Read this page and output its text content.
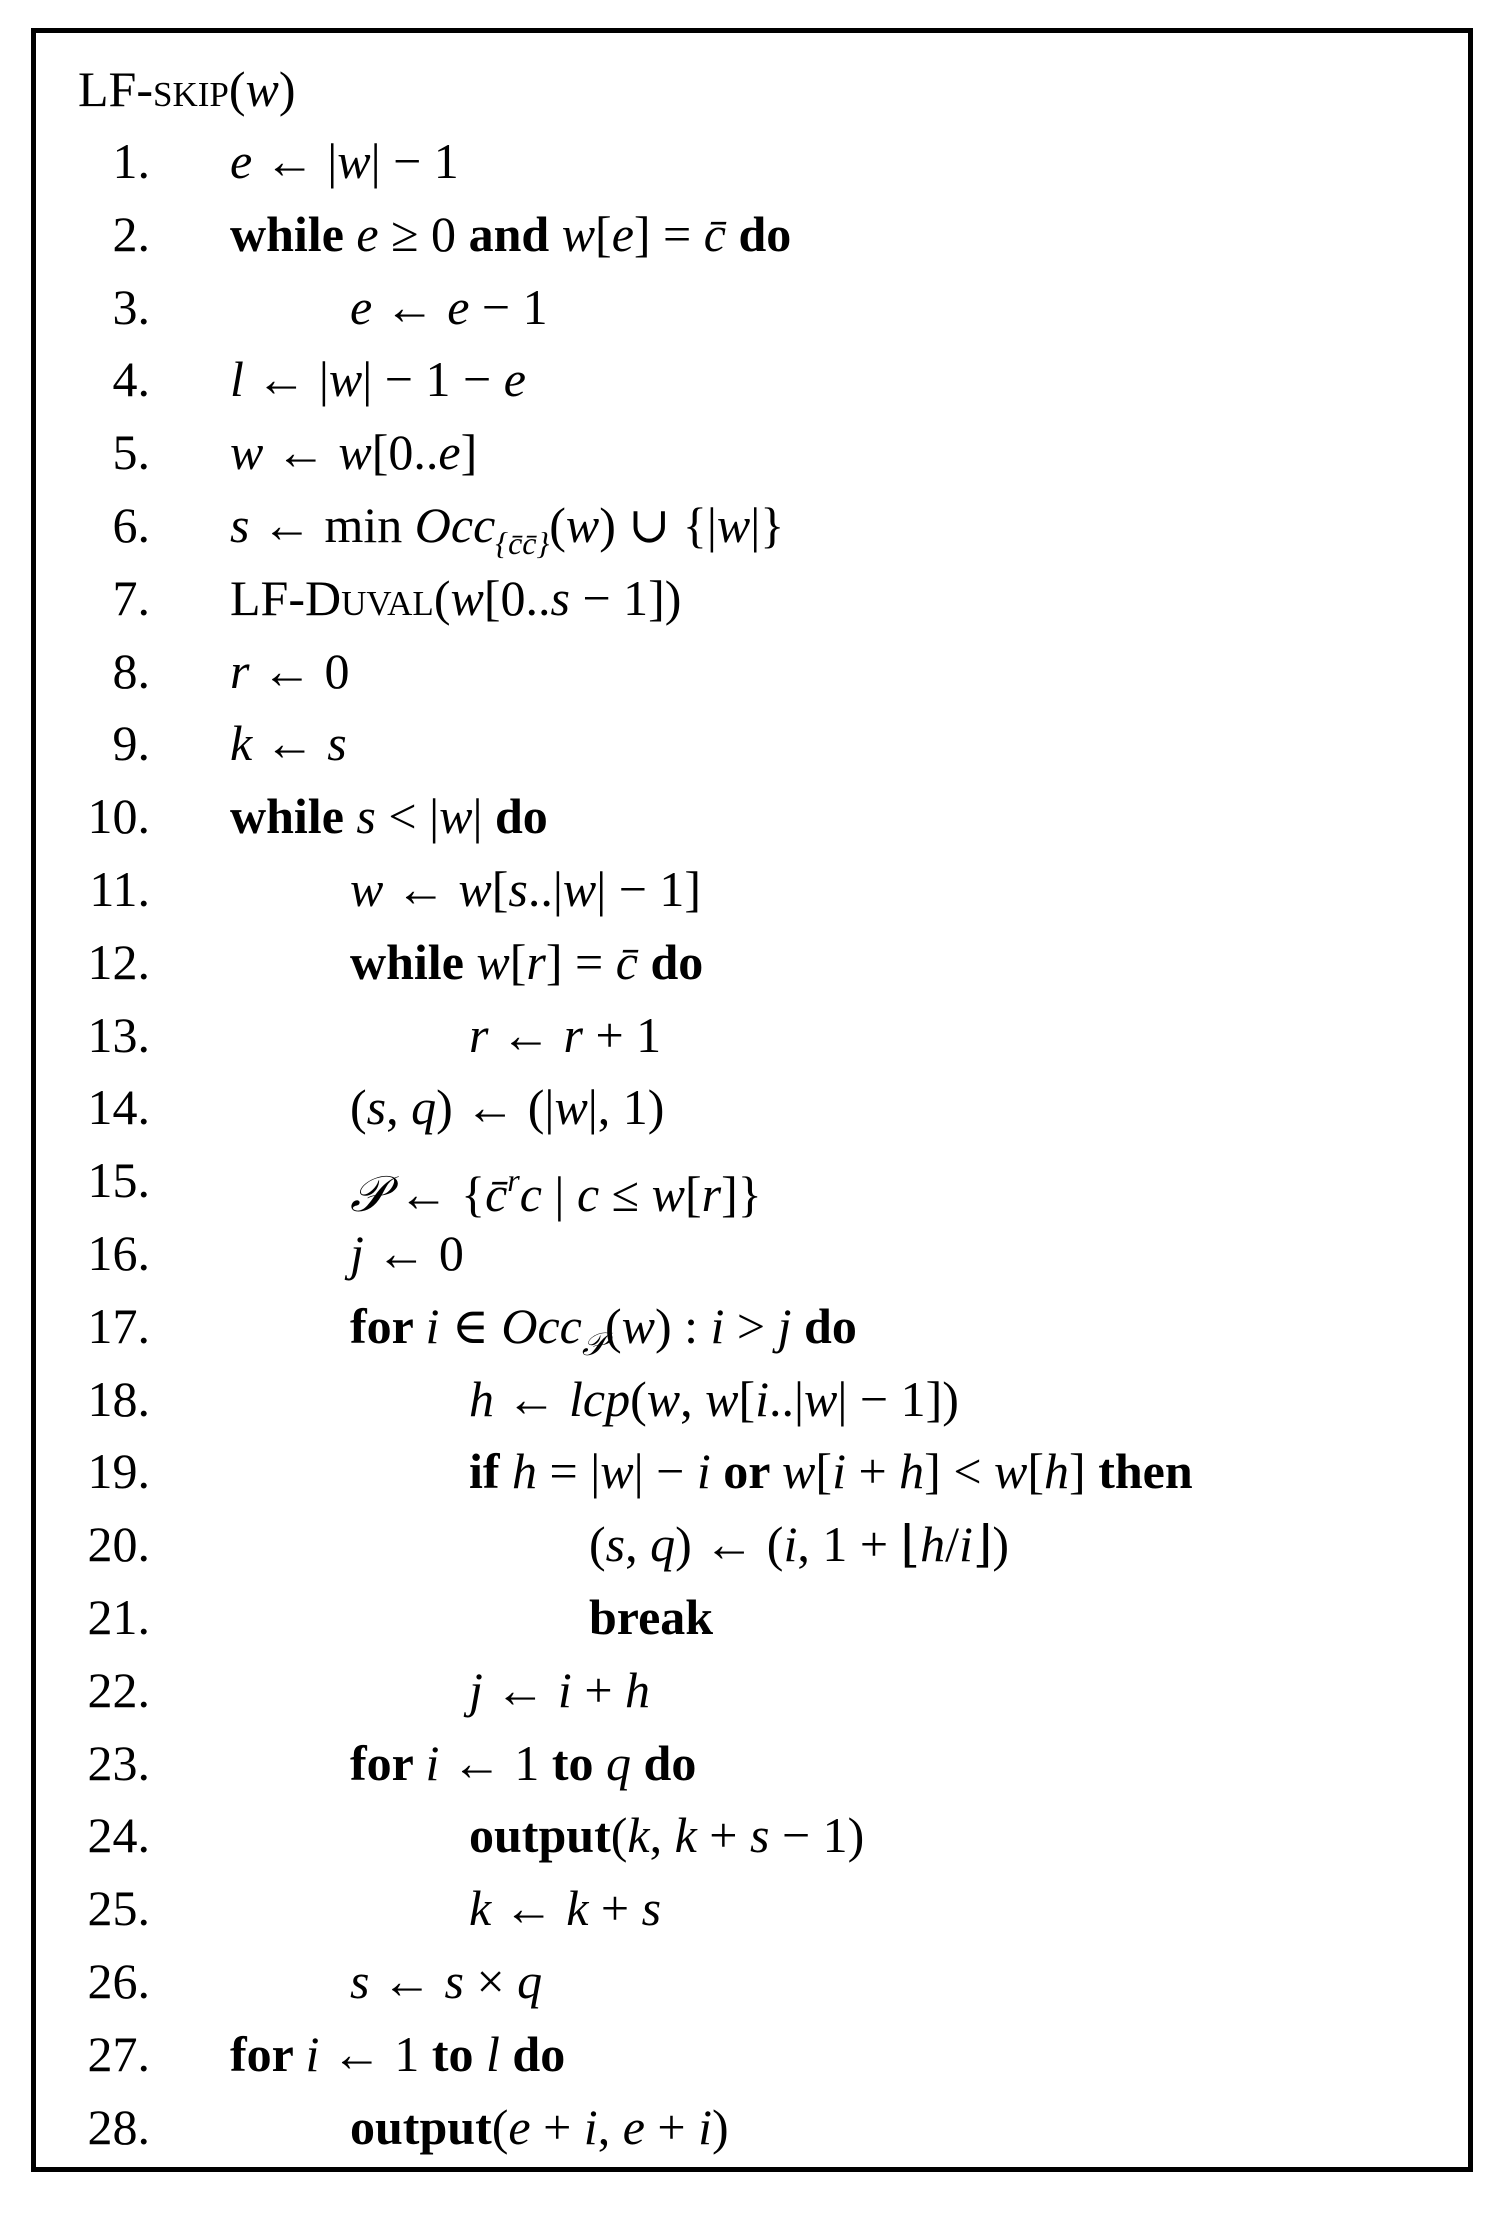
LF-skip(w)
1. e ← |w| − 1
2. while e ≥ 0 and w[e] = c̄ do
3.	e ← e − 1
4. l ← |w| − 1 − e
5. w ← w[0..e]
6. s ← min Occ$_{\{c̄c̄\}}$(w) ∪ {|w|}
7. LF-Duval(w[0..s − 1])
8. r ← 0
9. k ← s
10. while s < |w| do
11.	w ← w[s..|w| − 1]
12.	while w[r] = c̄ do
13.	r ← r + 1
14.	(s, q) ← (|w|, 1)
15.	𝒫 ← {c̄$^r$c | c ≤ w[r]}
16.	j ← 0
17.	for i ∈ Occ$_𝒫$(w) : i > j do
18.	h ← lcp(w, w[i..|w| − 1])
19.	if h = |w| − i or w[i + h] < w[h] then
20.	(s, q) ← (i, 1 + ⌊h/i⌋)
21.	break
22.	j ← i + h
23.	for i ← 1 to q do
24.	output(k, k + s − 1)
25.	k ← k + s
26.	s ← s × q
27. for i ← 1 to l do
28.	output(e + i, e + i)
